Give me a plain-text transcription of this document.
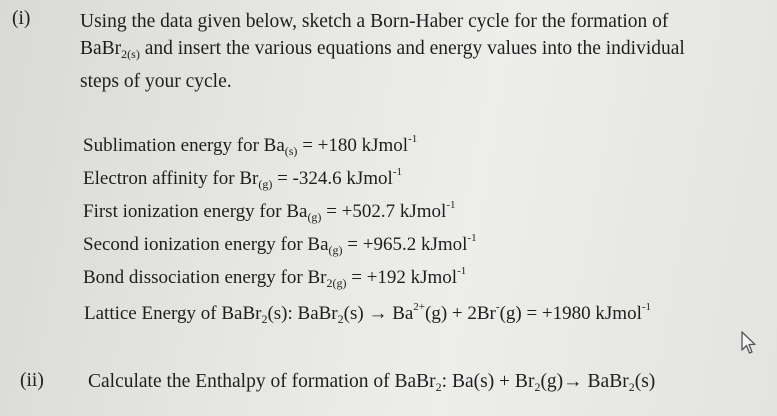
(i)	Using the data given below, sketch a Born-Haber cycle for the formation of
BaBr$_{2(s)}$ and insert the various equations and energy values into the individual
steps of your cycle.
Sublimation energy for $Ba_{(s)} = +180$ kJmol$^{-1}$
Electron affinity for $Br_{(g)} = -324.6$ kJmol$^{-1}$
First ionization energy for $Ba_{(g)} = +502.7$ kJmol$^{-1}$
Second ionization energy for $Ba_{(g)} = +965.2$ kJmol$^{-1}$
Bond dissociation energy for $Br_{2(g)} = +192$ kJmol$^{-1}$
Lattice Energy of BaBr$_2$(s): BaBr$_2$(s) → $Ba^{2+}(g) + 2Br^-(g) = +1980$ kJmol$^{-1}$
(ii) Calculate the Enthalpy of formation of BaBr$_2$: $Ba(s) + Br_2(g)\to$ BaBr$_2$(s)
